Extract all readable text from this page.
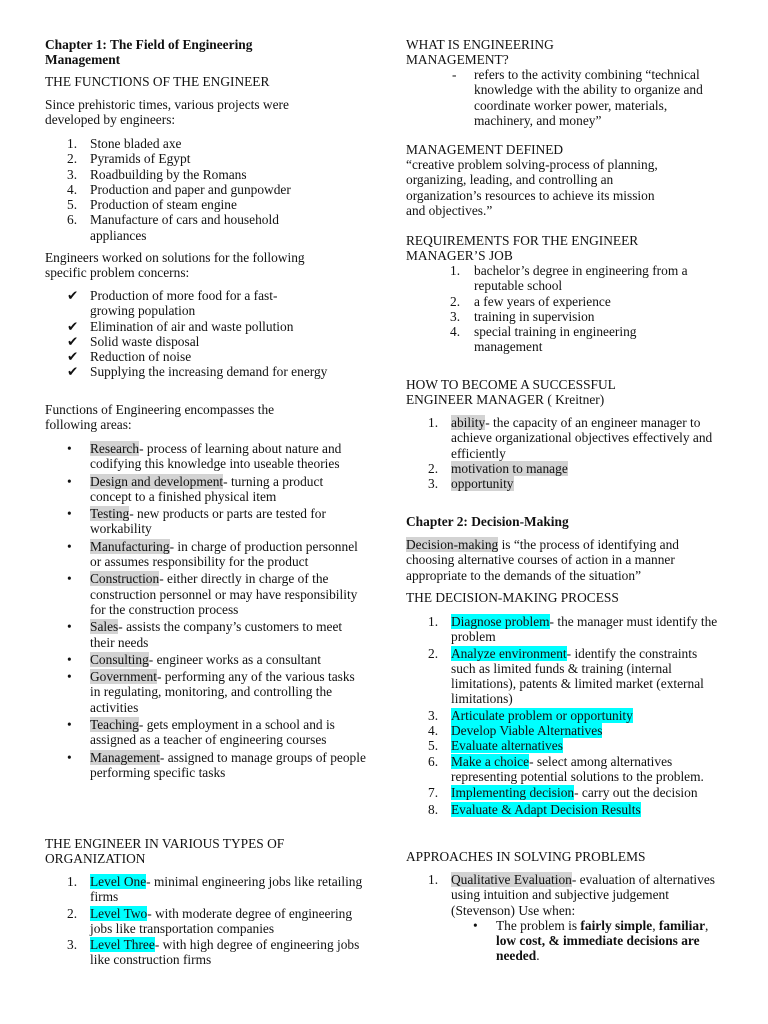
Chapter 1: The Field of Engineering
Management
THE FUNCTIONS OF THE ENGINEER
Since prehistoric times, various projects were developed by engineers:
1. Stone bladed axe
2. Pyramids of Egypt
3. Roadbuilding by the Romans
4. Production and paper and gunpowder
5. Production of steam engine
6. Manufacture of cars and household appliances
Engineers worked on solutions for the following specific problem concerns:
✔ Production of more food for a fast-growing population
✔ Elimination of air and waste pollution
✔ Solid waste disposal
✔ Reduction of noise
✔ Supplying the increasing demand for energy
Functions of Engineering encompasses the following areas:
• Research- process of learning about nature and codifying this knowledge into useable theories
• Design and development- turning a product concept to a finished physical item
• Testing- new products or parts are tested for workability
• Manufacturing- in charge of production personnel or assumes responsibility for the product
• Construction- either directly in charge of the construction personnel or may have responsibility for the construction process
• Sales- assists the company’s customers to meet their needs
• Consulting- engineer works as a consultant
• Government- performing any of the various tasks in regulating, monitoring, and controlling the activities
• Teaching- gets employment in a school and is assigned as a teacher of engineering courses
• Management- assigned to manage groups of people performing specific tasks
THE ENGINEER IN VARIOUS TYPES OF ORGANIZATION
1. Level One- minimal engineering jobs like retailing firms
2. Level Two- with moderate degree of engineering jobs like transportation companies
3. Level Three- with high degree of engineering jobs like construction firms
WHAT IS ENGINEERING MANAGEMENT?
- refers to the activity combining “technical knowledge with the ability to organize and coordinate worker power, materials, machinery, and money”
MANAGEMENT DEFINED
“creative problem solving-process of planning, organizing, leading, and controlling an organization’s resources to achieve its mission and objectives.”
REQUIREMENTS FOR THE ENGINEER MANAGER’S JOB
1. bachelor’s degree in engineering from a reputable school
2. a few years of experience
3. training in supervision
4. special training in engineering management
HOW TO BECOME A SUCCESSFUL ENGINEER MANAGER ( Kreitner)
1. ability- the capacity of an engineer manager to achieve organizational objectives effectively and efficiently
2. motivation to manage
3. opportunity
Chapter 2: Decision-Making
Decision-making is “the process of identifying and choosing alternative courses of action in a manner appropriate to the demands of the situation”
THE DECISION-MAKING PROCESS
1. Diagnose problem- the manager must identify the problem
2. Analyze environment- identify the constraints such as limited funds & training (internal limitations), patents & limited market (external limitations)
3. Articulate problem or opportunity
4. Develop Viable Alternatives
5. Evaluate alternatives
6. Make a choice- select among alternatives representing potential solutions to the problem.
7. Implementing decision- carry out the decision
8. Evaluate & Adapt Decision Results
APPROACHES IN SOLVING PROBLEMS
1. Qualitative Evaluation- evaluation of alternatives using intuition and subjective judgement
(Stevenson) Use when:
• The problem is fairly simple, familiar, low cost, & immediate decisions are needed.
